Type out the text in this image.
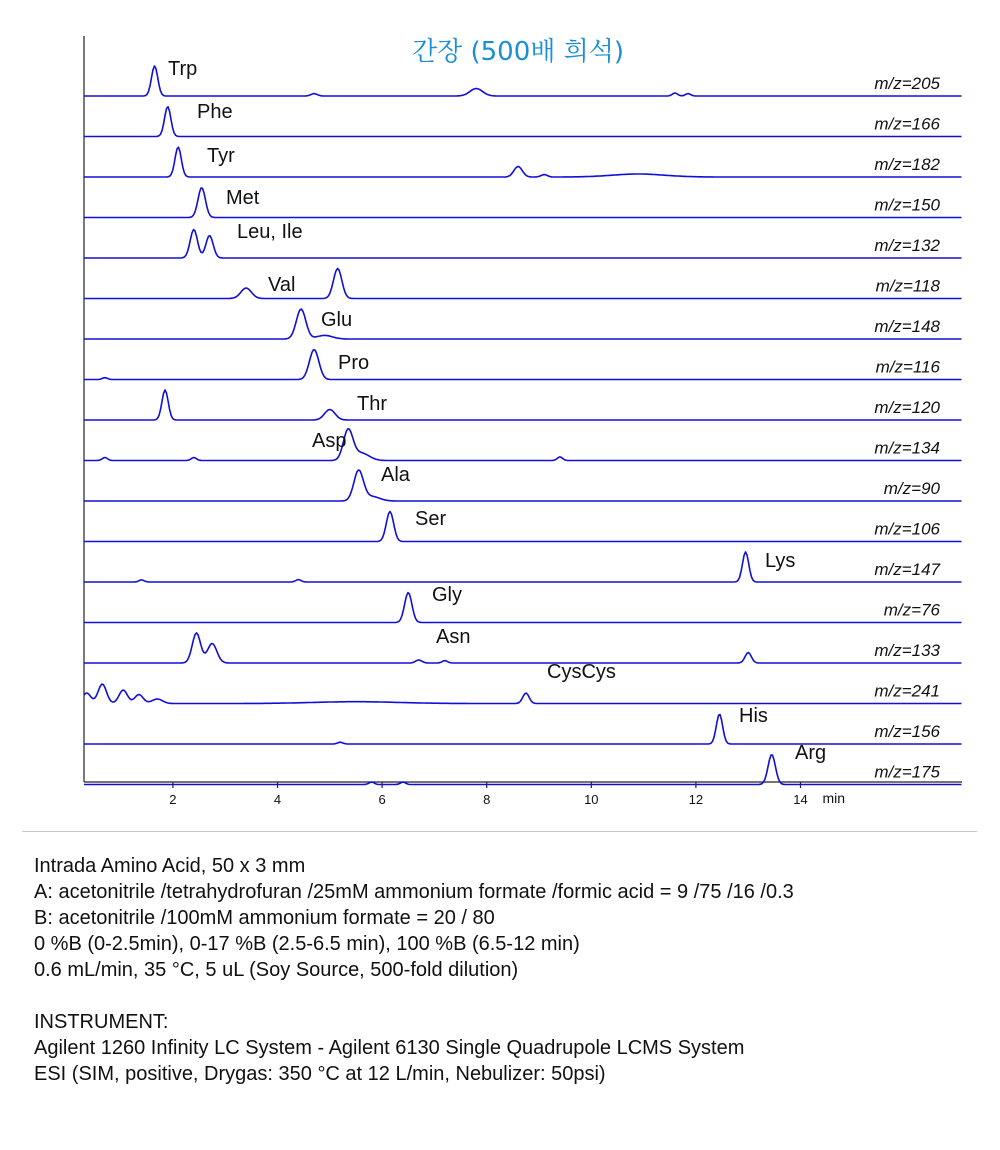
간장 (500배 희석)
2	4	6	8	10	12	14 min
Trp
m/z=205
Phe
m/z=166
Tyr	m/z=182
Met	m/z=150
Leu, Ile
m/z=132
Val	m/z=118
Glu	m/z=148
Pro	m/z=116
Thr	m/z=120
Asp	m/z=134
Ala
m/z=90
Ser	m/z=106
Lys	m/z=147
Gly
m/z=76
Asn
m/z=133
CysCys
m/z=241
His
m/z=156
Arg
m/z=175
Intrada Amino Acid, 50 x 3 mm
A: acetonitrile /tetrahydrofuran /25mM ammonium formate /formic acid = 9 /75 /16 /0.3
B: acetonitrile /100mM ammonium formate = 20 / 80
0 %B (0-2.5min), 0-17 %B (2.5-6.5 min), 100 %B (6.5-12 min)
0.6 mL/min, 35 °C, 5 uL (Soy Source, 500-fold dilution)
INSTRUMENT:
Agilent 1260 Infinity LC System - Agilent 6130 Single Quadrupole LCMS System
ESI (SIM, positive, Drygas: 350 °C at 12 L/min, Nebulizer: 50psi)
